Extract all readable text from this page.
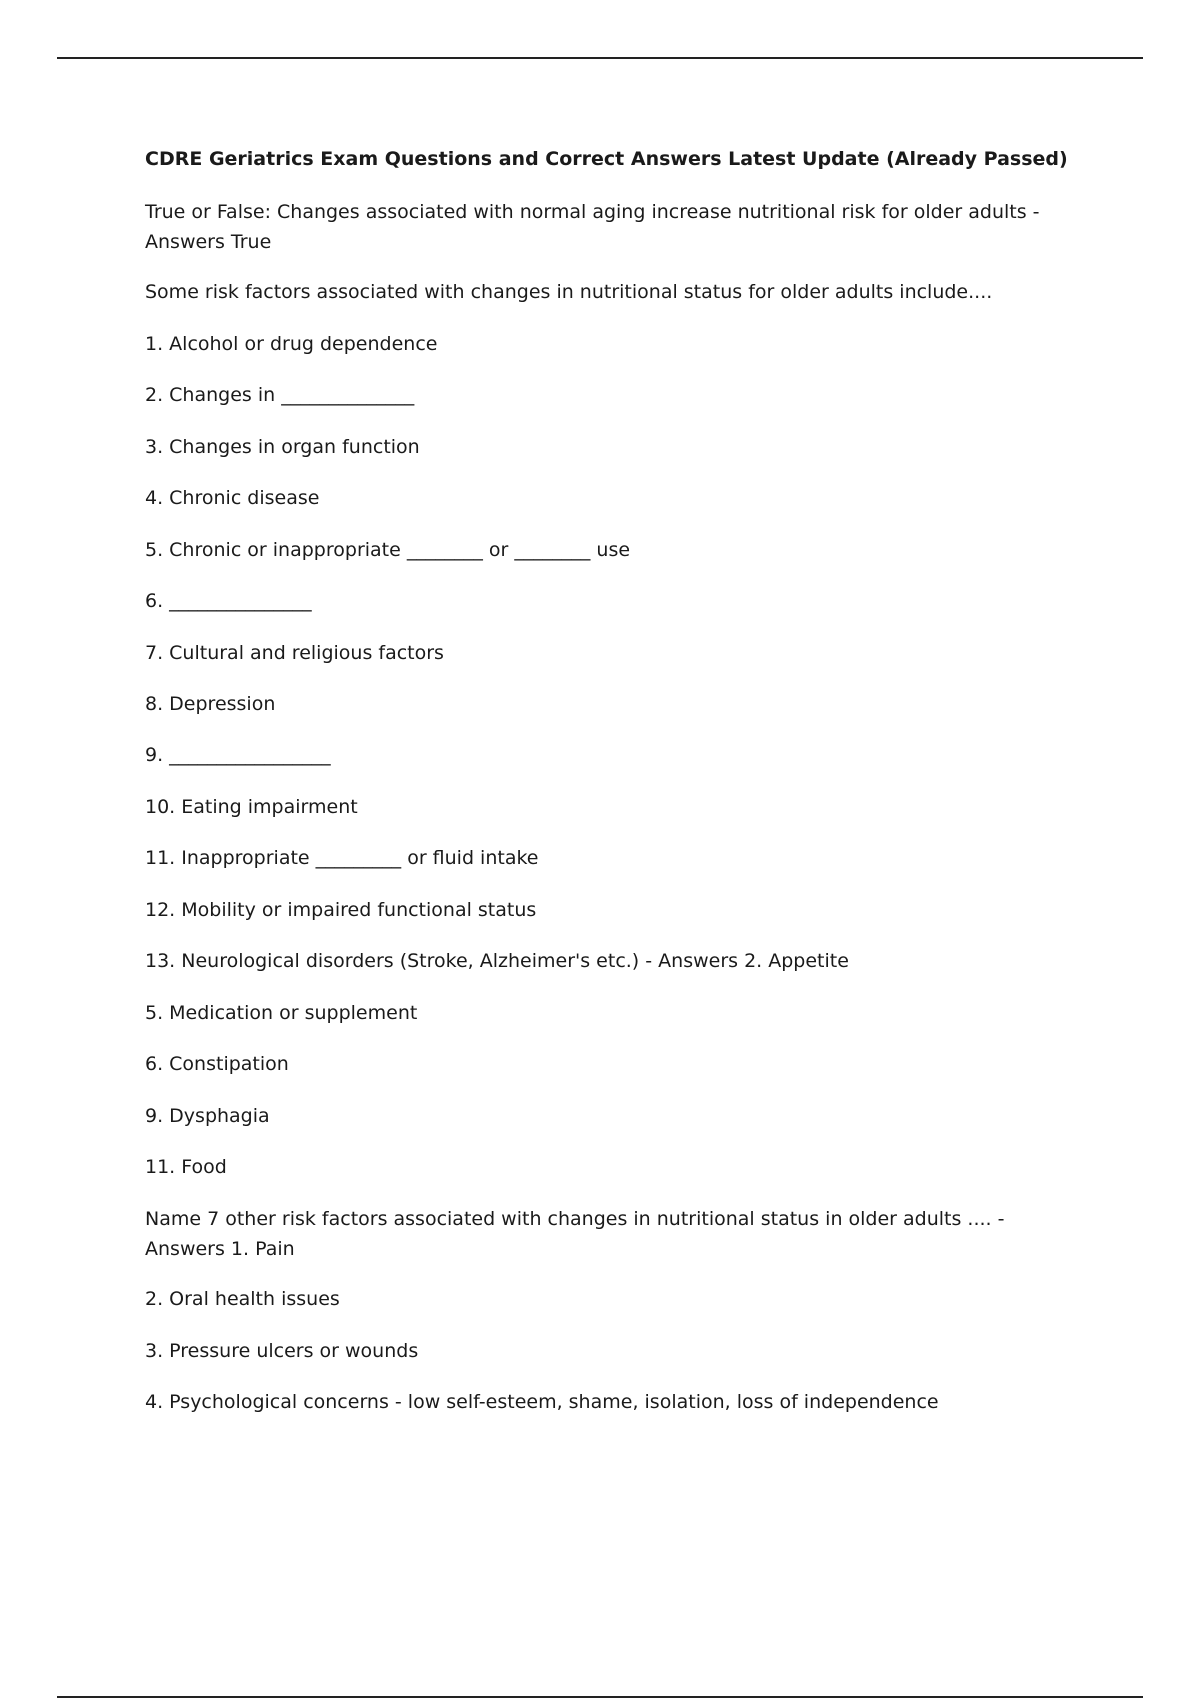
CDRE Geriatrics Exam Questions and Correct Answers Latest Update (Already Passed)
True or False: Changes associated with normal aging increase nutritional risk for older adults - Answers True
Some risk factors associated with changes in nutritional status for older adults include....
1. Alcohol or drug dependence
2. Changes in ______________
3. Changes in organ function
4. Chronic disease
5. Chronic or inappropriate ________ or ________ use
6. _______________
7. Cultural and religious factors
8. Depression
9. _________________
10. Eating impairment
11. Inappropriate _________ or fluid intake
12. Mobility or impaired functional status
13. Neurological disorders (Stroke, Alzheimer's etc.) - Answers 2. Appetite
5. Medication or supplement
6. Constipation
9. Dysphagia
11. Food
Name 7 other risk factors associated with changes in nutritional status in older adults .... - Answers 1. Pain
2. Oral health issues
3. Pressure ulcers or wounds
4. Psychological concerns - low self-esteem, shame, isolation, loss of independence
